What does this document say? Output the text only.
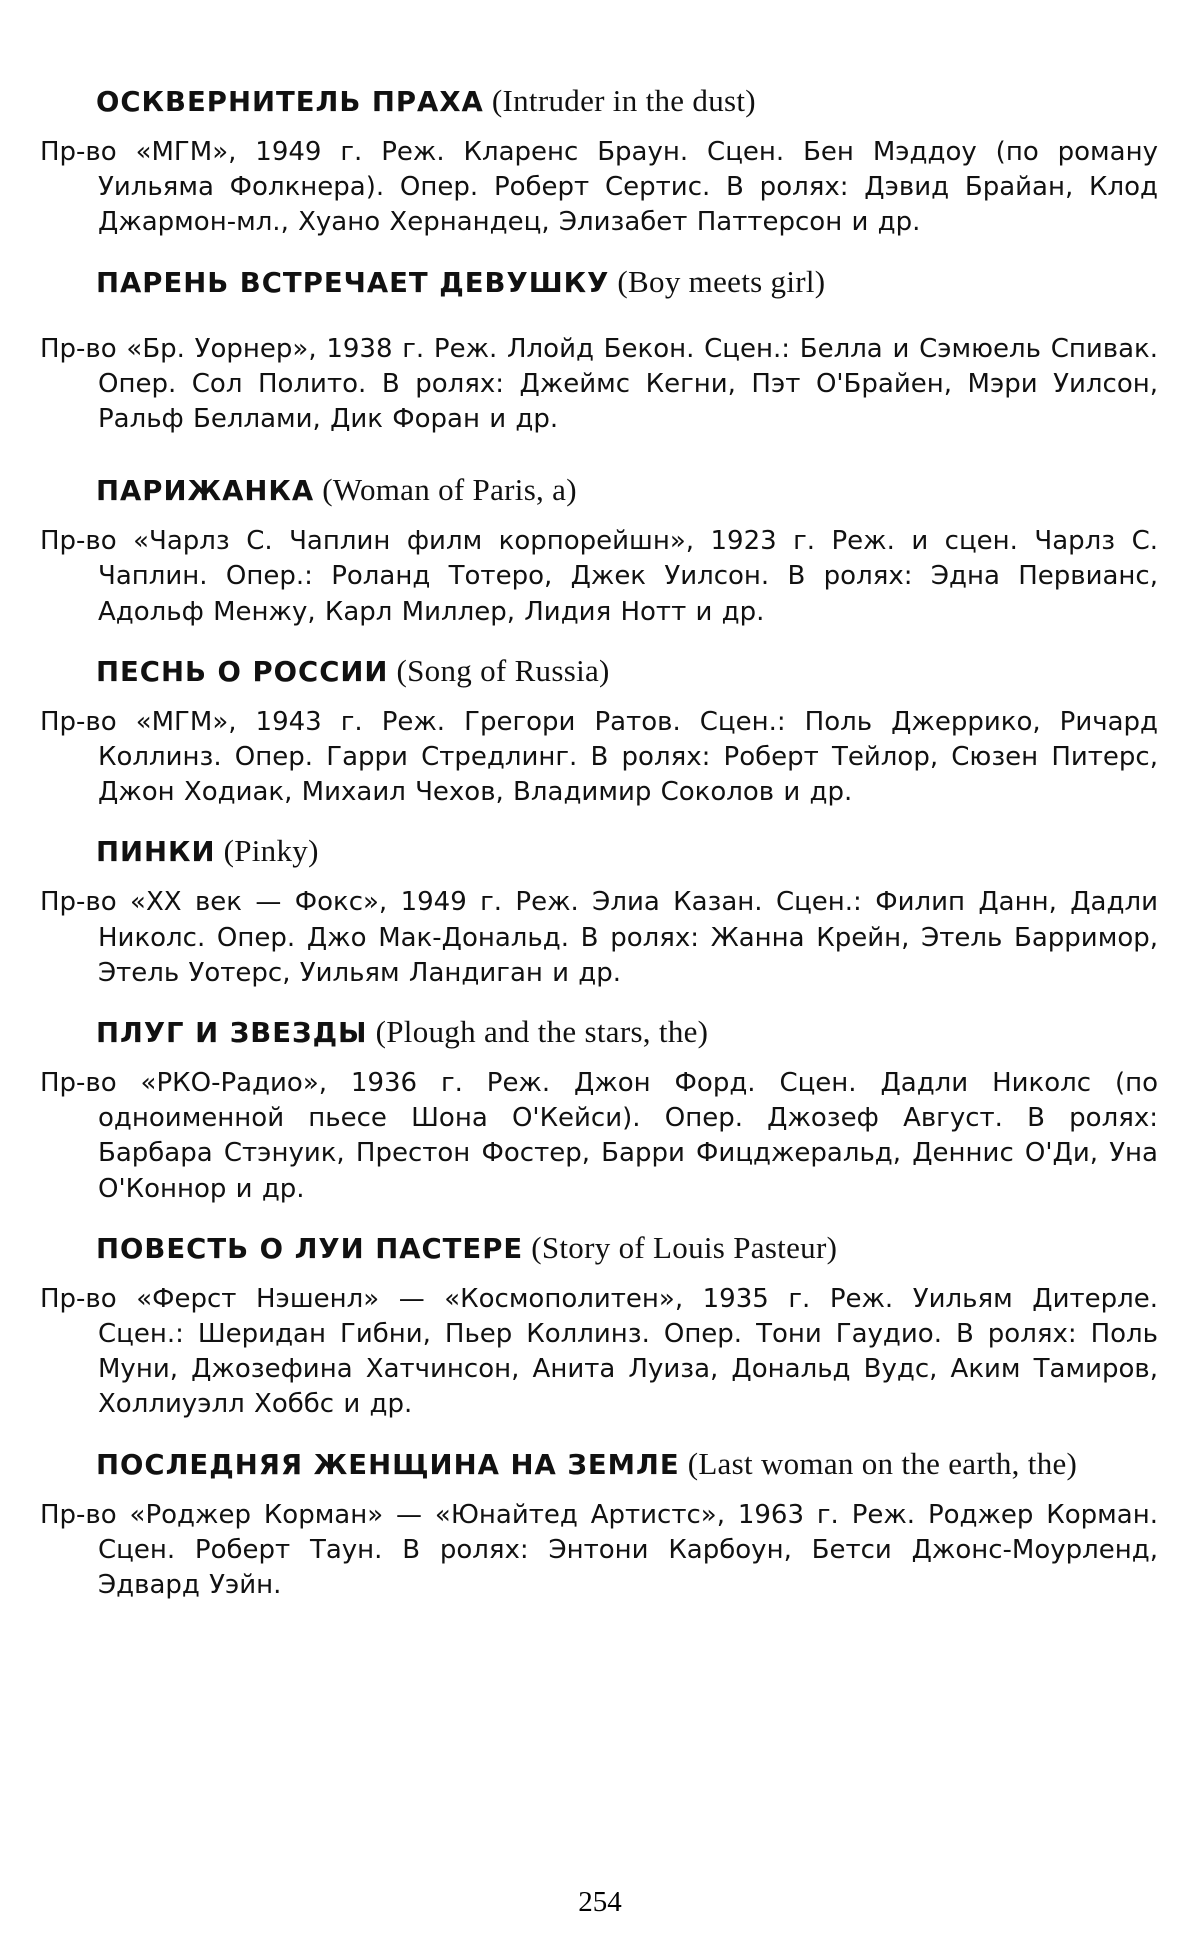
ОСКВЕРНИТЕЛЬ ПРАХА (Intruder in the dust)

Пр-во «МГМ», 1949 г. Реж. Кларенс Браун. Сцен. Бен Мэддоу (по роману Уильяма Фолкнера). Опер. Роберт Сертис. В ролях: Дэвид Брайан, Клод Джармон-мл., Хуано Хернандец, Элизабет Паттерсон и др.

ПАРЕНЬ ВСТРЕЧАЕТ ДЕВУШКУ (Boy meets girl)

Пр-во «Бр. Уорнер», 1938 г. Реж. Ллойд Бекон. Сцен.: Белла и Сэмюель Спивак. Опер. Сол Полито. В ролях: Джеймс Кегни, Пэт О'Брайен, Мэри Уилсон, Ральф Беллами, Дик Форан и др.

ПАРИЖАНКА (Woman of Paris, a)

Пр-во «Чарлз С. Чаплин филм корпорейшн», 1923 г. Реж. и сцен. Чарлз С. Чаплин. Опер.: Роланд Тотеро, Джек Уилсон. В ролях: Эдна Первианс, Адольф Менжу, Карл Миллер, Лидия Нотт и др.

ПЕСНЬ О РОССИИ (Song of Russia)

Пр-во «МГМ», 1943 г. Реж. Грегори Ратов. Сцен.: Поль Джеррико, Ричард Коллинз. Опер. Гарри Стредлинг. В ролях: Роберт Тейлор, Сюзен Питерс, Джон Ходиак, Михаил Чехов, Владимир Соколов и др.

ПИНКИ (Pinky)

Пр-во «XX век — Фокс», 1949 г. Реж. Элиа Казан. Сцен.: Филип Данн, Дадли Николс. Опер. Джо Мак-Дональд. В ролях: Жанна Крейн, Этель Барримор, Этель Уотерс, Уильям Ландиган и др.

ПЛУГ И ЗВЕЗДЫ (Plough and the stars, the)

Пр-во «РКО-Радио», 1936 г. Реж. Джон Форд. Сцен. Дадли Николс (по одноименной пьесе Шона О'Кейси). Опер. Джозеф Август. В ролях: Барбара Стэнуик, Престон Фостер, Барри Фицджеральд, Деннис О'Ди, Уна О'Коннор и др.

ПОВЕСТЬ О ЛУИ ПАСТЕРЕ (Story of Louis Pasteur)

Пр-во «Ферст Нэшенл» — «Космополитен», 1935 г. Реж. Уильям Дитерле. Сцен.: Шеридан Гибни, Пьер Коллинз. Опер. Тони Гаудио. В ролях: Поль Муни, Джозефина Хатчинсон, Анита Луиза, Дональд Вудс, Аким Тамиров, Холлиуэлл Хоббс и др.

ПОСЛЕДНЯЯ ЖЕНЩИНА НА ЗЕМЛЕ (Last woman on the earth, the)

Пр-во «Роджер Корман» — «Юнайтед Артистс», 1963 г. Реж. Роджер Корман. Сцен. Роберт Таун. В ролях: Энтони Карбоун, Бетси Джонс-Моурленд, Эдвард Уэйн.

254
